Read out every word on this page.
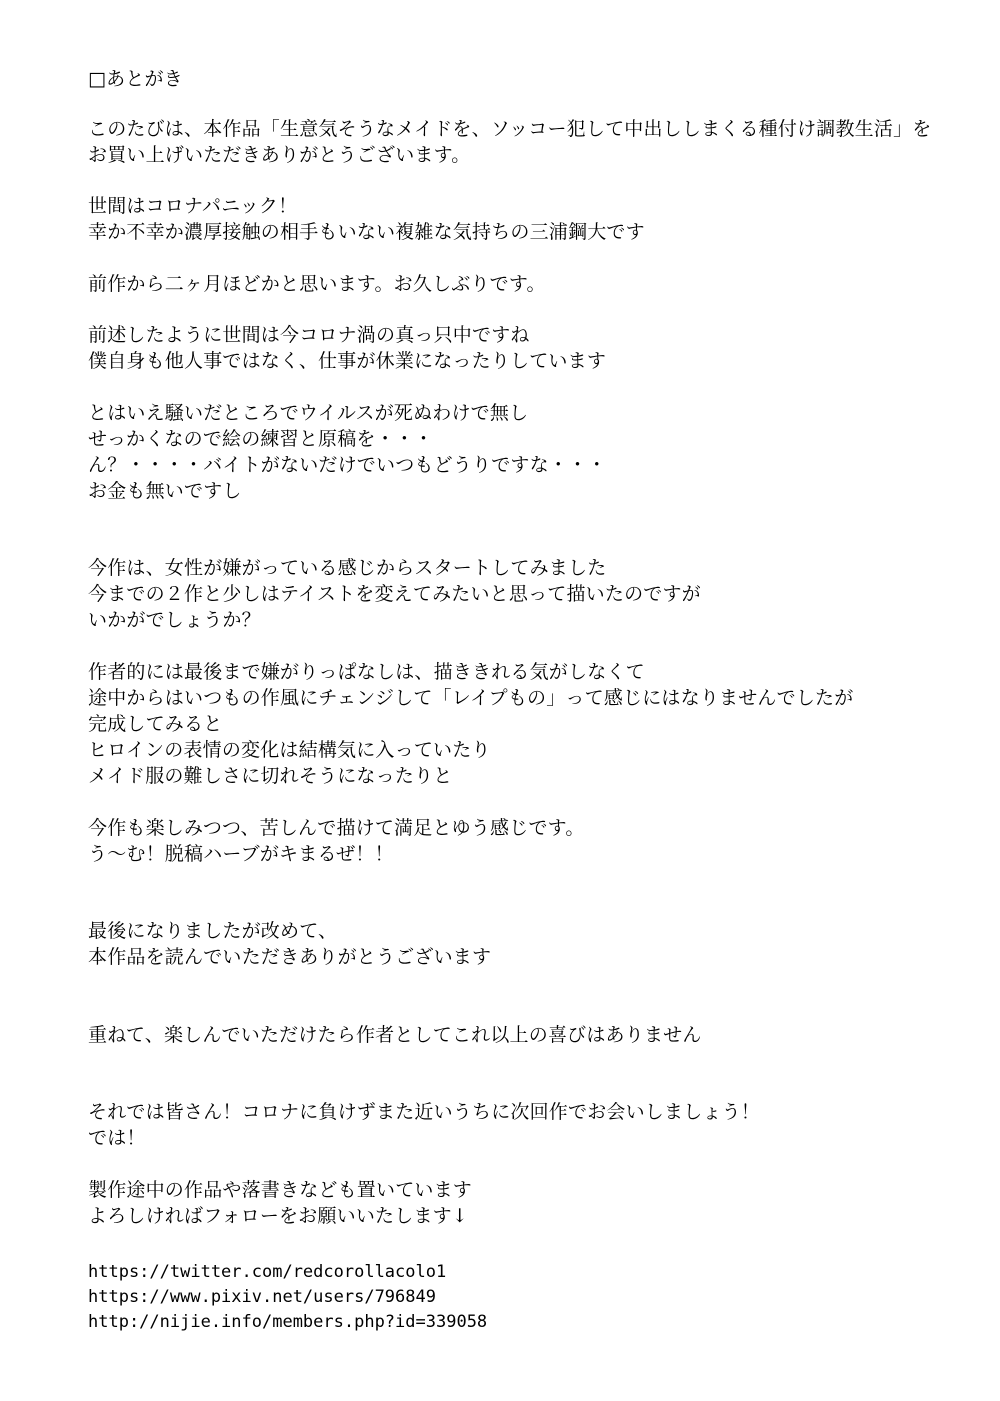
□あとがき
このたびは、本作品「生意気そうなメイドを、ソッコー犯して中出ししまくる種付け調教生活」を
お買い上げいただきありがとうございます。
世間はコロナパニック！
幸か不幸か濃厚接触の相手もいない複雑な気持ちの三浦鋼大です
前作から二ヶ月ほどかと思います。お久しぶりです。
前述したように世間は今コロナ渦の真っ只中ですね
僕自身も他人事ではなく、仕事が休業になったりしています
とはいえ騒いだところでウイルスが死ぬわけで無し
せっかくなので絵の練習と原稿を・・・
ん？・・・・バイトがないだけでいつもどうりですな・・・
お金も無いですし
今作は、女性が嫌がっている感じからスタートしてみました
今までの２作と少しはテイストを変えてみたいと思って描いたのですが
いかがでしょうか？
作者的には最後まで嫌がりっぱなしは、描ききれる気がしなくて
途中からはいつもの作風にチェンジして「レイプもの」って感じにはなりませんでしたが
完成してみると
ヒロインの表情の変化は結構気に入っていたり
メイド服の難しさに切れそうになったりと
今作も楽しみつつ、苦しんで描けて満足とゆう感じです。
う〜む！脱稿ハーブがキまるぜ！！
最後になりましたが改めて、
本作品を読んでいただきありがとうございます
重ねて、楽しんでいただけたら作者としてこれ以上の喜びはありません
それでは皆さん！コロナに負けずまた近いうちに次回作でお会いしましょう！
では！
製作途中の作品や落書きなども置いています
よろしければフォローをお願いいたします↓
https://twitter.com/redcorollacolo1
https://www.pixiv.net/users/796849
http://nijie.info/members.php?id=339058
